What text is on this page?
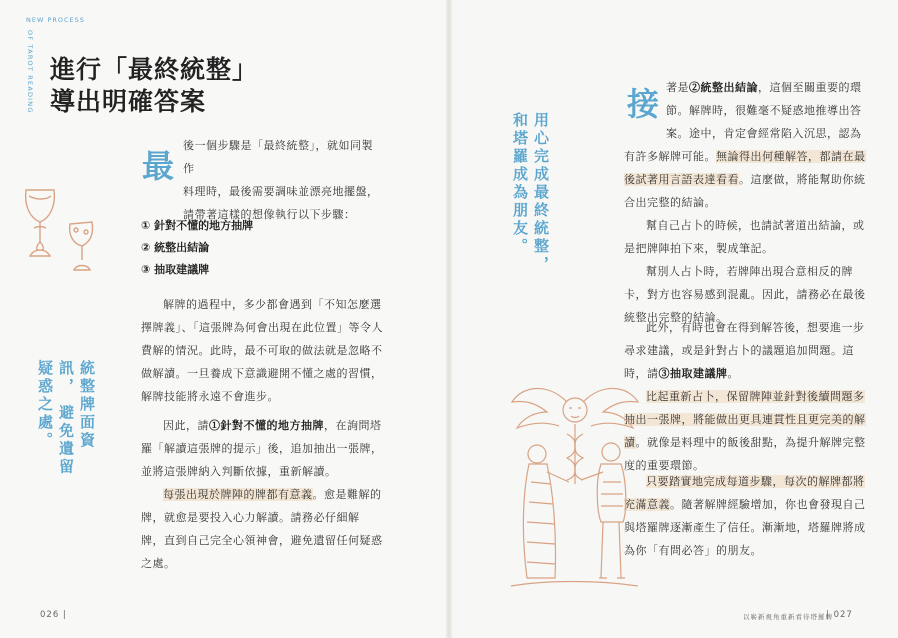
NEW PROCESS
OF TAROT READING 進行「最終統整」
導出明確答案
最

後一個步驟是「最終統整」，就如同製作

料理時，最後需要調味並漂亮地擺盤，

請帶著這樣的想像執行以下步驟：

① 針對不懂的地方抽牌
② 統整出結論
③ 抽取建議牌

解牌的過程中，多少都會遇到「不知怎麼選

擇牌義」、「這張牌為何會出現在此位置」等令人

費解的情況。此時，最不可取的做法就是忽略不

做解讀。一旦養成下意識避開不懂之處的習慣，

解牌技能將永遠不會進步。

因此，請①針對不懂的地方抽牌，在詢問塔

羅「解讀這張牌的提示」後，追加抽出一張牌，

並將這張牌納入判斷依據，重新解讀。

每張出現於牌陣的牌都有意義。愈是難解的

牌，就愈是要投入心力解讀。請務必仔細解

牌，直到自己完全心領神會，避免遺留任何疑惑

之處。

統整牌面資訊， 避免遺留疑惑之處。
026 |
用心完成最終統整， 和塔羅成為朋友。
接 著是②統整出結論，這個至關重要的環

節。解牌時，很難毫不疑惑地推導出答

案。途中，肯定會經常陷入沉思，認為

有許多解牌可能。無論得出何種解答，都請在最

後試著用言語表達看看。這麼做，將能幫助你統

合出完整的結論。

幫自己占卜的時候，也請試著道出結論，或

是把牌陣拍下來，製成筆記。

幫別人占卜時，若牌陣出現合意相反的牌

卡，對方也容易感到混亂。因此，請務必在最後

統整出完整的結論。

此外，有時也會在得到解答後，想要進一步

尋求建議，或是針對占卜的議題追加問題。這

時，請③抽取建議牌。

比起重新占卜，保留牌陣並針對後續問題多

抽出一張牌，將能做出更具連貫性且更完美的解

讀。就像是料理中的飯後甜點，為提升解牌完整

度的重要環節。

只要踏實地完成每道步驟，每次的解牌都將

充滿意義。隨著解牌經驗增加，你也會發現自己

與塔羅牌逐漸產生了信任。漸漸地，塔羅牌將成

為你「有問必答」的朋友。

以嶄新視角重新看待塔羅牌
| 027
